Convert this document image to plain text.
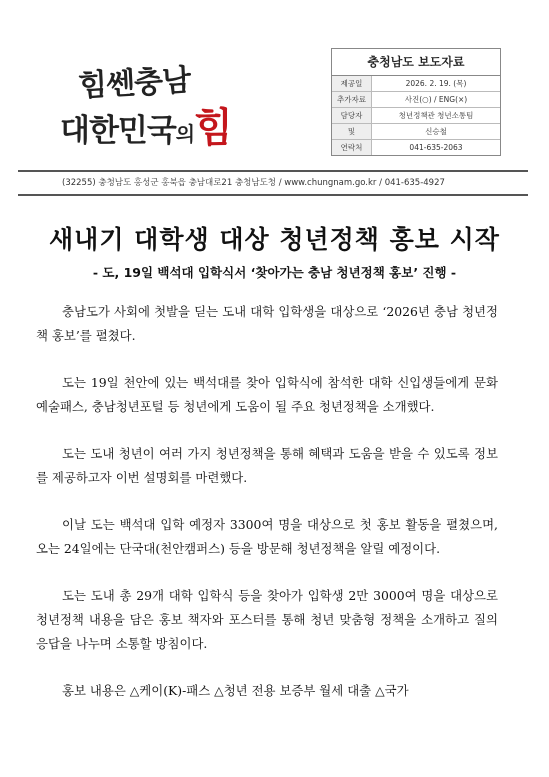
힘쎈충남
대한민국의힘
충청남도 보도자료
제공일	2026. 2. 19. (목)
추가자료	사진(○) / ENG(×)
담당자	청년정책관 청년소통팀
및	신승철
연락처	041-635-2063
(32255) 충청남도 홍성군 홍북읍 충남대로21 충청남도청 / www.chungnam.go.kr / 041-635-4927
새내기 대학생 대상 청년정책 홍보 시작
- 도, 19일 백석대 입학식서 ‘찾아가는 충남 청년정책 홍보’ 진행 -

충남도가 사회에 첫발을 딛는 도내 대학 입학생을 대상으로 ‘2026년 충남 청년정책 홍보’를 펼쳤다.

도는 19일 천안에 있는 백석대를 찾아 입학식에 참석한 대학 신입생들에게 문화예술패스, 충남청년포털 등 청년에게 도움이 될 주요 청년정책을 소개했다.

도는 도내 청년이 여러 가지 청년정책을 통해 혜택과 도움을 받을 수 있도록 정보를 제공하고자 이번 설명회를 마련했다.

이날 도는 백석대 입학 예정자 3300여 명을 대상으로 첫 홍보 활동을 펼쳤으며, 오는 24일에는 단국대(천안캠퍼스) 등을 방문해 청년정책을 알릴 예정이다.

도는 도내 총 29개 대학 입학식 등을 찾아가 입학생 2만 3000여 명을 대상으로 청년정책 내용을 담은 홍보 책자와 포스터를 통해 청년 맞춤형 정책을 소개하고 질의응답을 나누며 소통할 방침이다.

홍보 내용은 △케이(K)-패스 △청년 전용 보증부 월세 대출 △국가
